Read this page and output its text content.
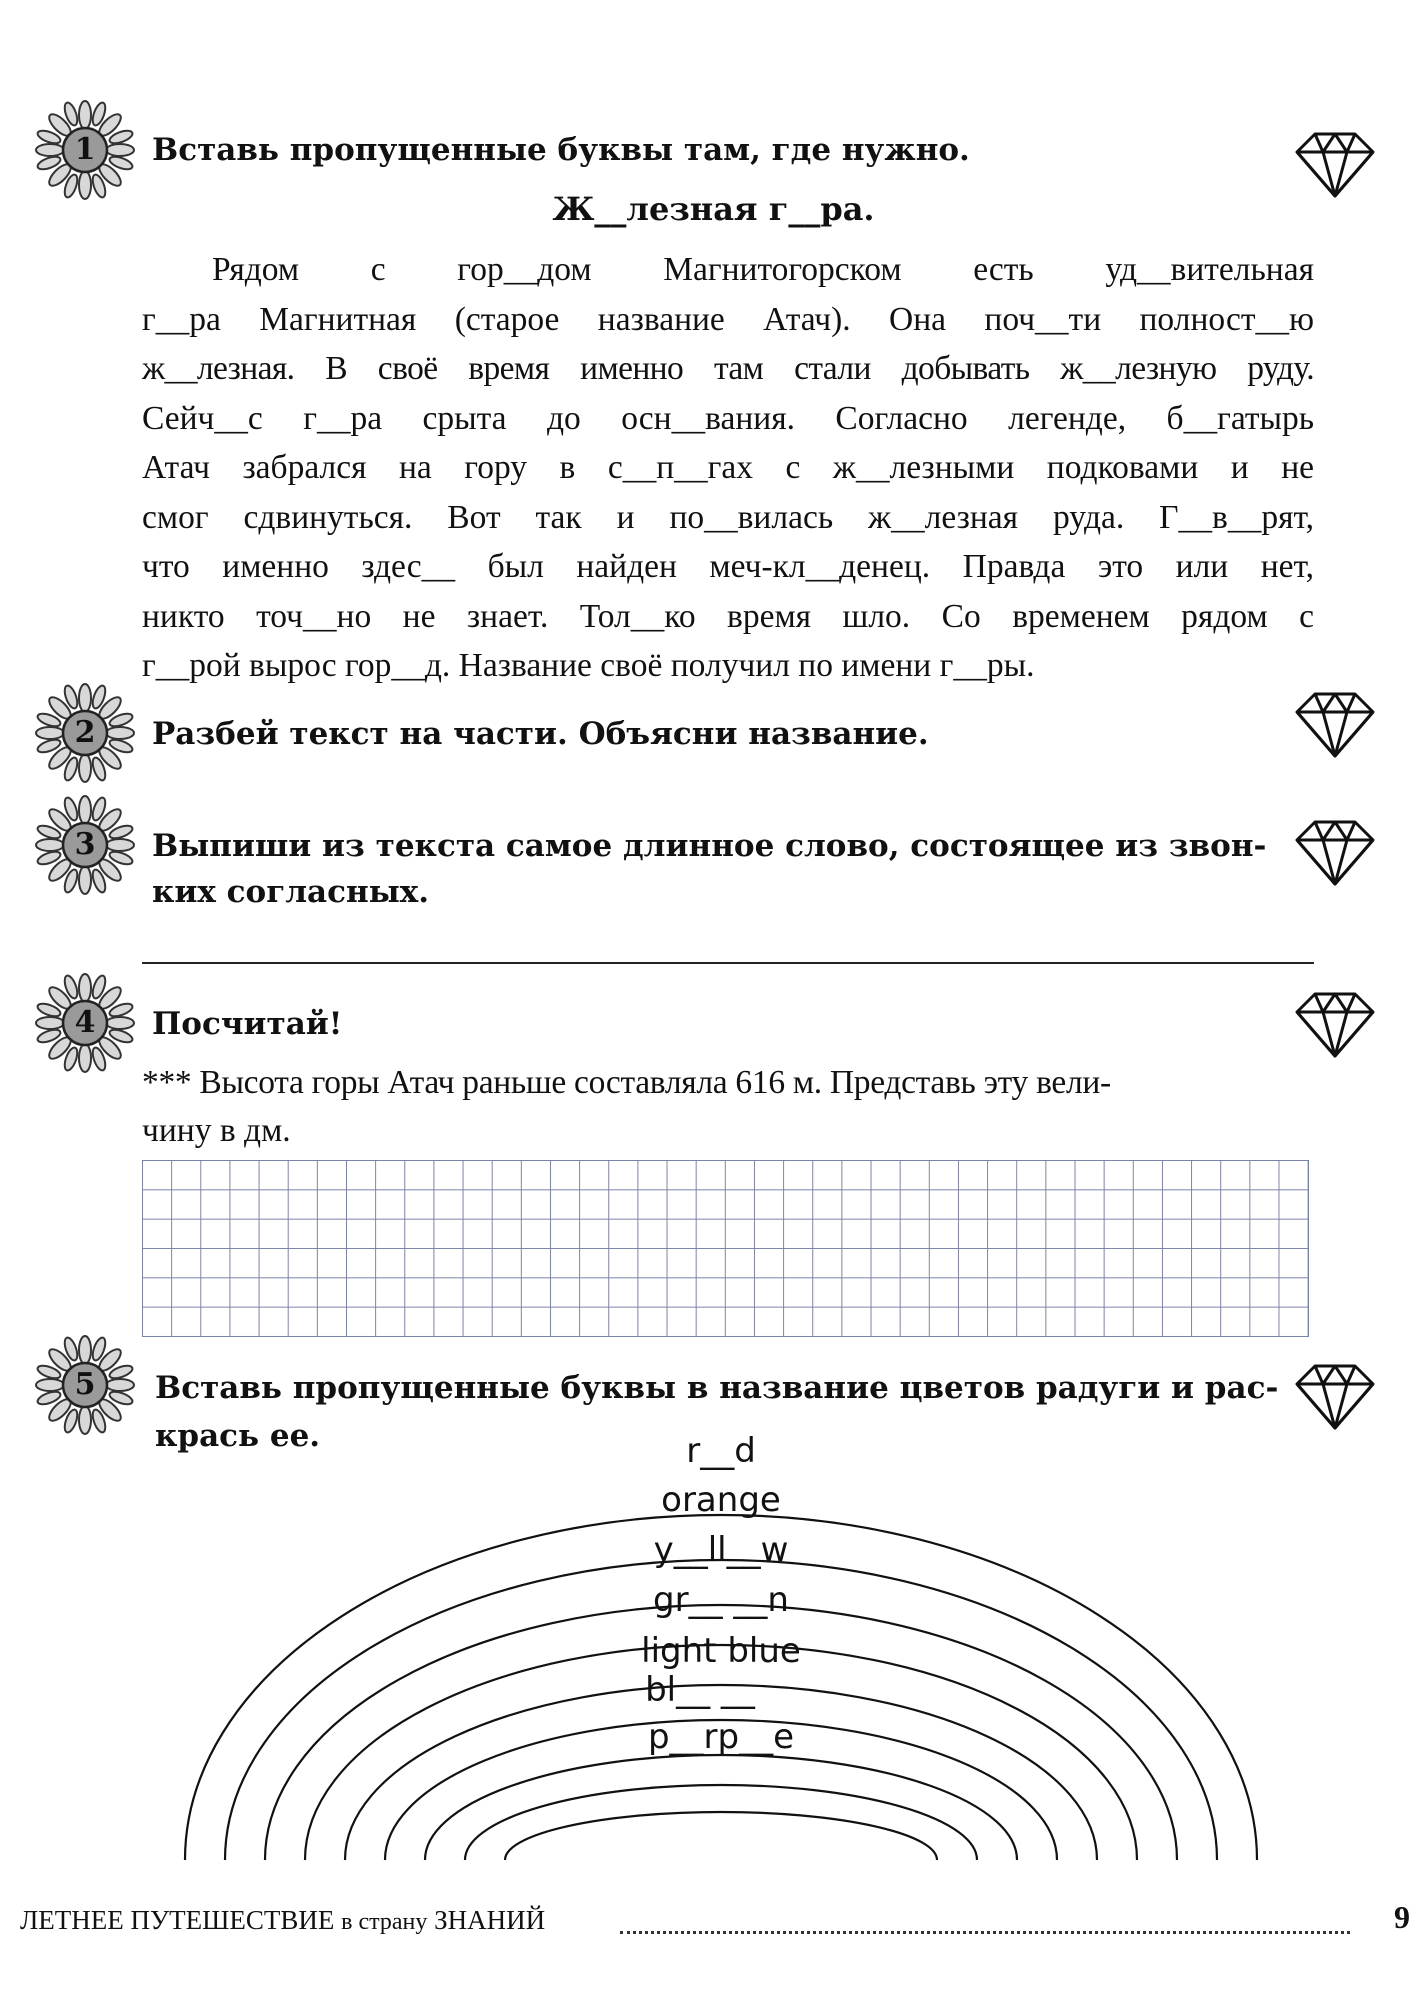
1	Вставь пропущенные буквы там, где нужно.
Ж__лезная г__ра.
Рядом с гор__дом Магнитогорском есть уд__вительная
г__ра Магнитная (старое название Атач). Она поч__ти полност__ю
ж__лезная. В своё время именно там стали добывать ж__лезную руду.
Сейч__с г__ра срыта до осн__вания. Согласно легенде, б__гатырь
Атач забрался на гору в с__п__гах с ж__лезными подковами и не
смог сдвинуться. Вот так и по__вилась ж__лезная руда. Г__в__рят,
что именно здес__ был найден меч-кл__денец. Правда это или нет,
никто точ__но не знает. Тол__ко время шло. Со временем рядом с
г__рой вырос гор__д. Название своё получил по имени г__ры.
2	Разбей текст на части. Объясни название.
3	Выпиши из текста самое длинное слово, состоящее из звон-
ких согласных.
4	Посчитай!
*** Высота горы Атач раньше составляла 616 м. Представь эту вели-
чину в дм.
5	Вставь пропущенные буквы в название цветов радуги и рас-
крась ее.	r__d
orange
y__ll__w
gr__ __n
light blue
bl__ __
p__rp__e
ЛЕТНЕЕ ПУТЕШЕСТВИЕ в страну ЗНАНИЙ	9
